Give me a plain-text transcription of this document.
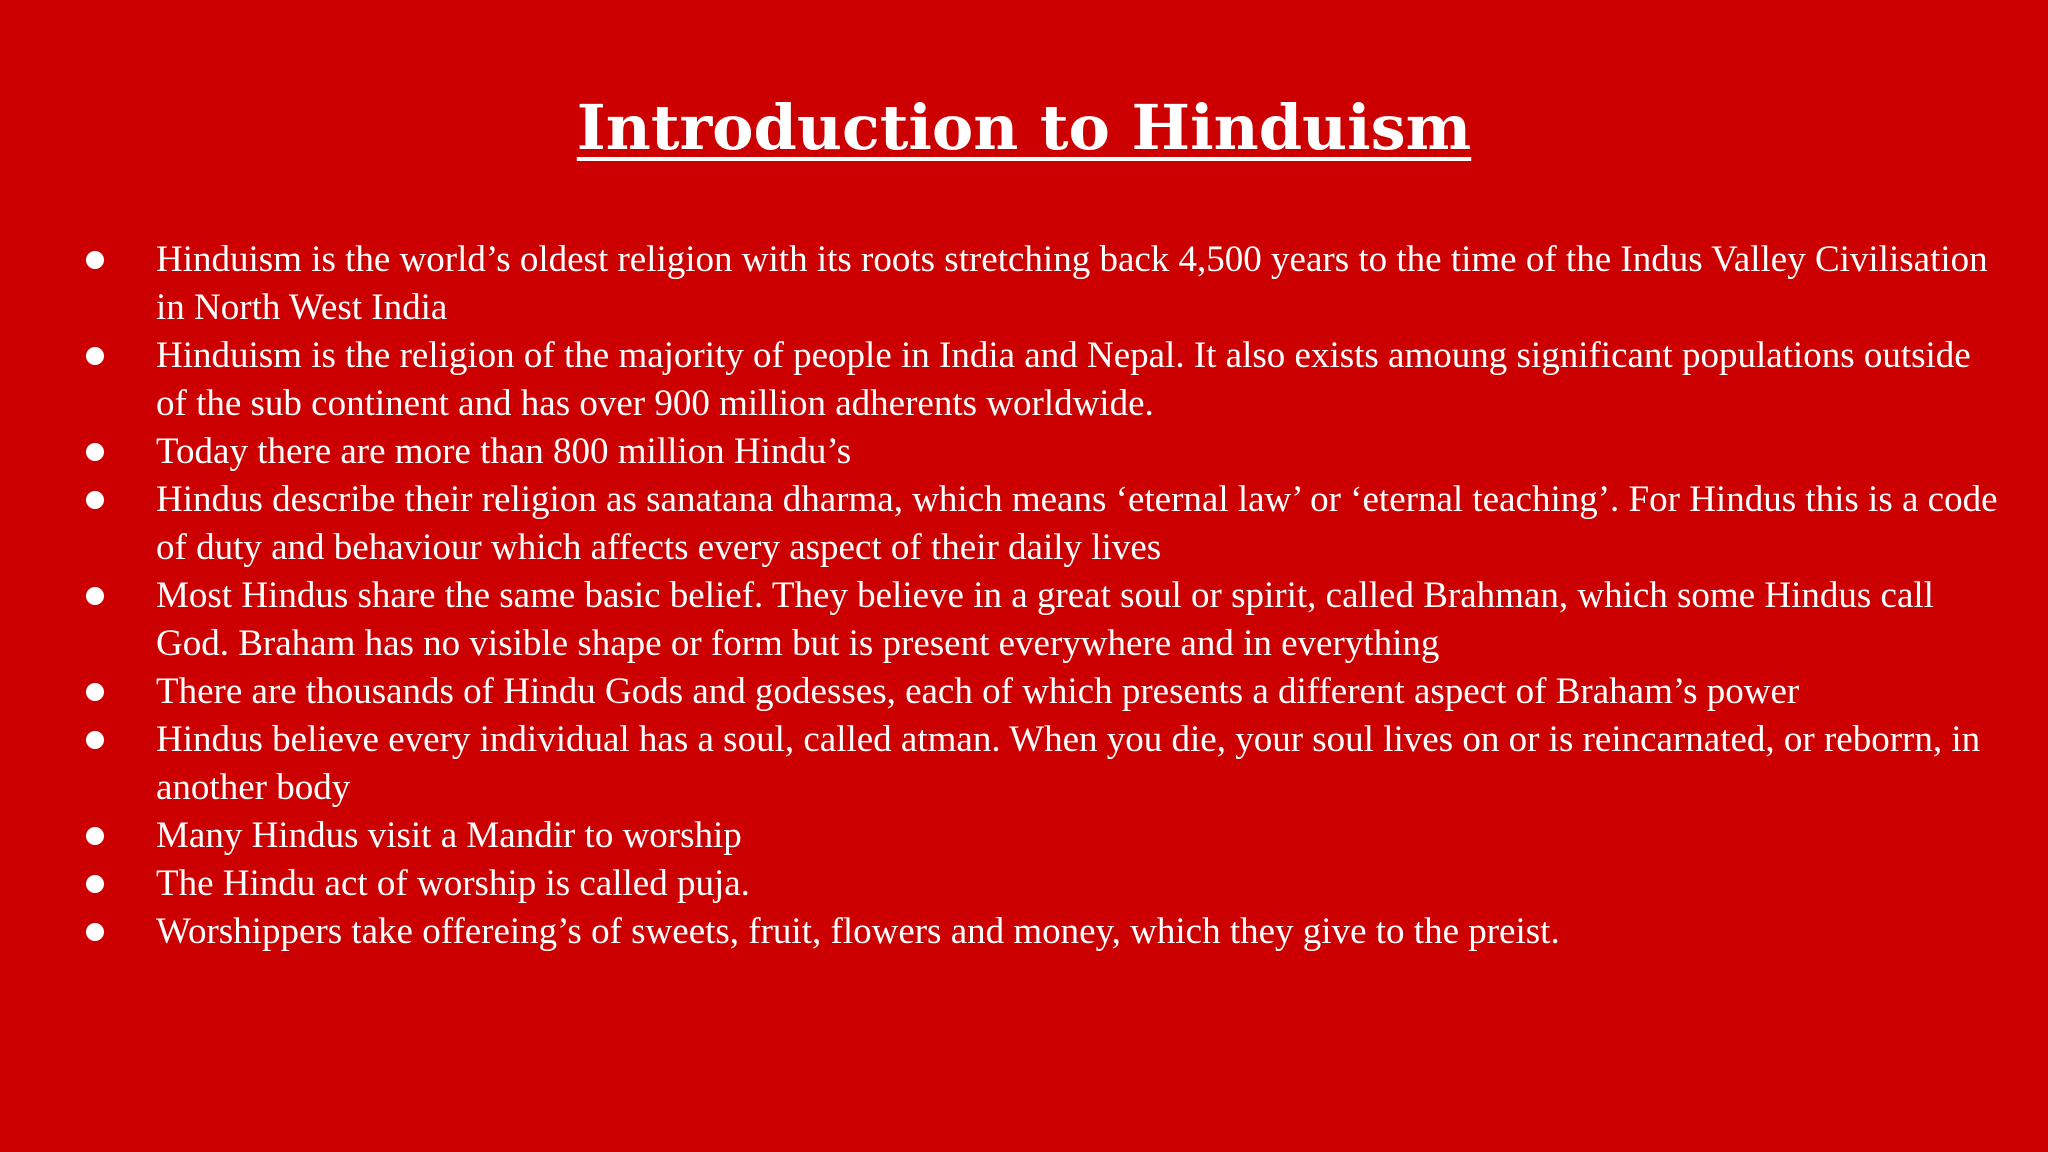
Introduction to Hinduism
Hinduism is the world’s oldest religion with its roots stretching back 4,500 years to the time of the Indus Valley Civilisation in North West India
Hinduism is the religion of the majority of people in India and Nepal. It also exists amoung significant populations outside of the sub continent and has over 900 million adherents worldwide.
Today there are more than 800 million Hindu’s
Hindus describe their religion as sanatana dharma, which means ‘eternal law’ or ‘eternal teaching’. For Hindus this is a code of duty and behaviour which affects every aspect of their daily lives
Most Hindus share the same basic belief. They believe in a great soul or spirit, called Brahman, which some Hindus call God. Braham has no visible shape or form but is present everywhere and in everything
There are thousands of Hindu Gods and godesses, each of which presents a different aspect of Braham’s power
Hindus believe every individual has a soul, called atman. When you die, your soul lives on or is reincarnated, or reborrn, in another body
Many Hindus visit a Mandir to worship
The Hindu act of worship is called puja.
Worshippers take offereing’s of sweets, fruit, flowers and money, which they give to the preist.
